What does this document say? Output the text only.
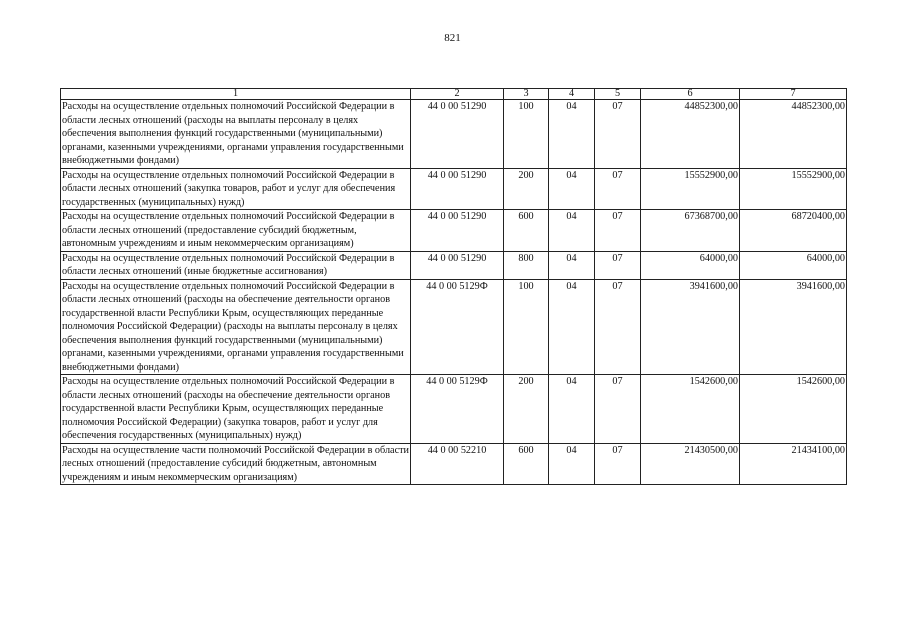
821
1	2	3	4	5	6	7
Расходы на осуществление отдельных полномочий Российской Федерации в области лесных отношений (расходы на выплаты персоналу в целях обеспечения выполнения функций государственными (муниципальными) органами, казенными учреждениями, органами управления государственными внебюджетными фондами)	44 0 00 51290	100	04	07	44852300,00	44852300,00
Расходы на осуществление отдельных полномочий Российской Федерации в области лесных отношений (закупка товаров, работ и услуг для обеспечения государственных (муниципальных) нужд)	44 0 00 51290	200	04	07	15552900,00	15552900,00
Расходы на осуществление отдельных полномочий Российской Федерации в области лесных отношений (предоставление субсидий бюджетным, автономным учреждениям и иным некоммерческим организациям)	44 0 00 51290	600	04	07	67368700,00	68720400,00
Расходы на осуществление отдельных полномочий Российской Федерации в области лесных отношений (иные бюджетные ассигнования)	44 0 00 51290	800	04	07	64000,00	64000,00
Расходы на осуществление отдельных полномочий Российской Федерации в области лесных отношений (расходы на обеспечение деятельности органов государственной власти Республики Крым, осуществляющих переданные полномочия Российской Федерации) (расходы на выплаты персоналу в целях обеспечения выполнения функций государственными (муниципальными) органами, казенными учреждениями, органами управления государственными внебюджетными фондами)	44 0 00 5129Ф	100	04	07	3941600,00	3941600,00
Расходы на осуществление отдельных полномочий Российской Федерации в области лесных отношений (расходы на обеспечение деятельности органов государственной власти Республики Крым, осуществляющих переданные полномочия Российской Федерации) (закупка товаров, работ и услуг для обеспечения государственных (муниципальных) нужд)	44 0 00 5129Ф	200	04	07	1542600,00	1542600,00
Расходы на осуществление части полномочий Российской Федерации в области лесных отношений (предоставление субсидий бюджетным, автономным учреждениям и иным некоммерческим организациям)	44 0 00 52210	600	04	07	21430500,00	21434100,00
